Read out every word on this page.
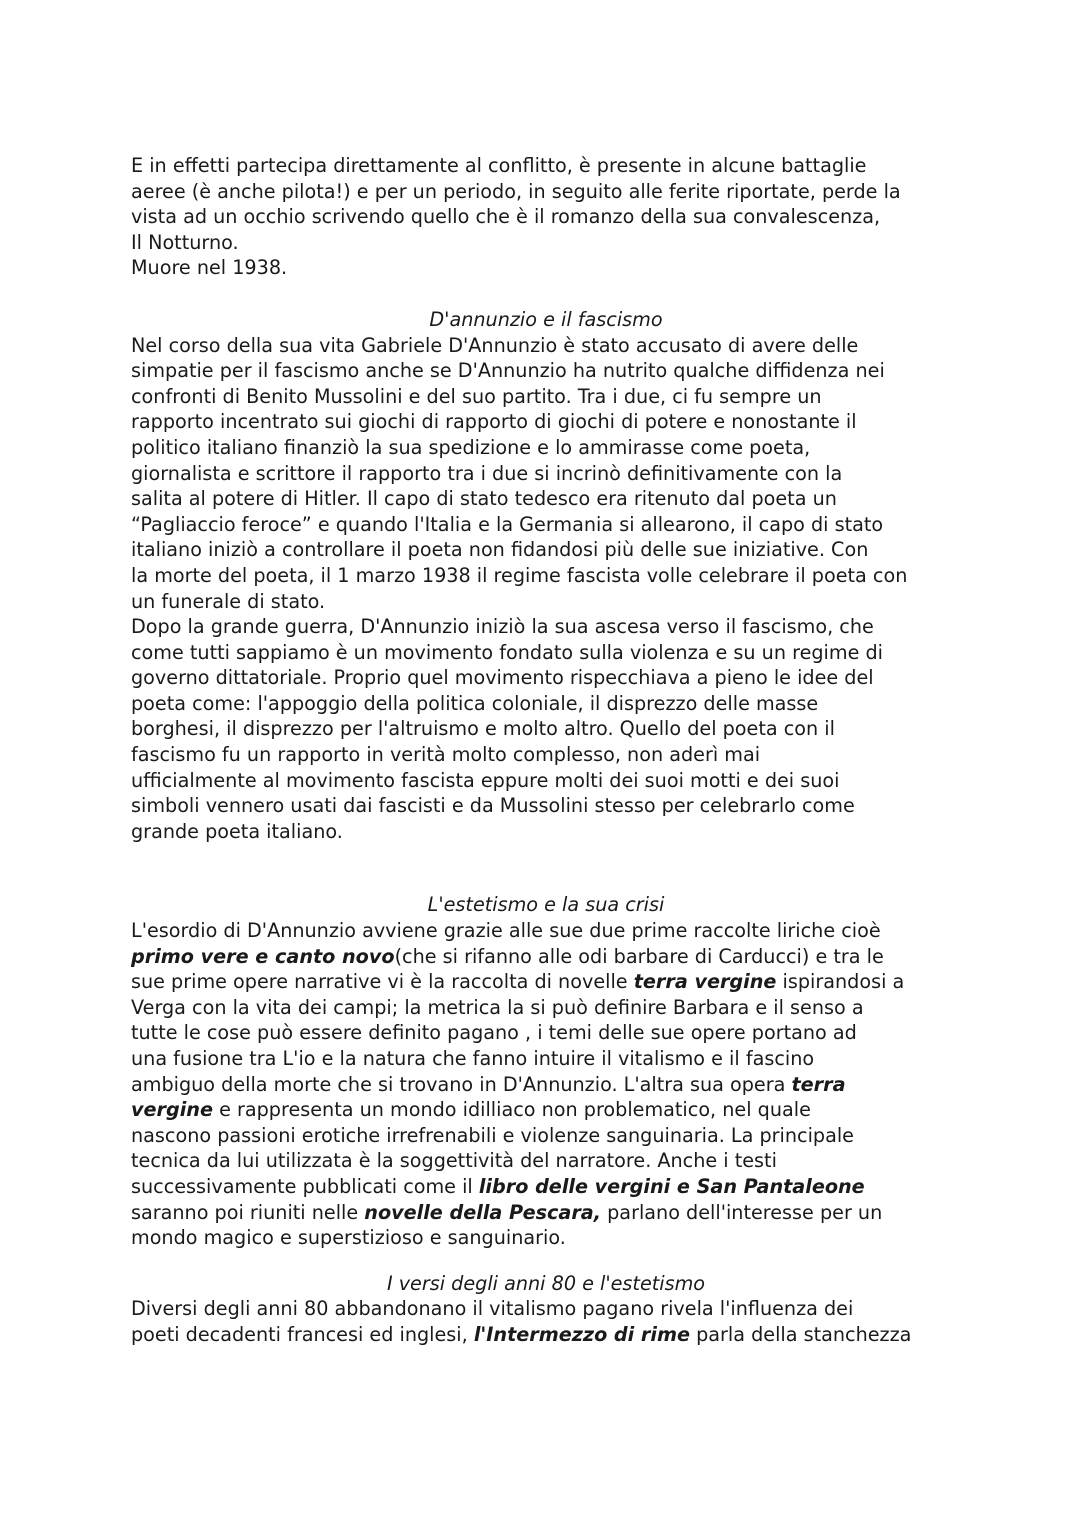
E in effetti partecipa direttamente al conflitto, è presente in alcune battaglie
aeree (è anche pilota!) e per un periodo, in seguito alle ferite riportate, perde la
vista ad un occhio scrivendo quello che è il romanzo della sua convalescenza,
Il Notturno.
Muore nel 1938.
D'annunzio e il fascismo
Nel corso della sua vita Gabriele D'Annunzio è stato accusato di avere delle
simpatie per il fascismo anche se D'Annunzio ha nutrito qualche diffidenza nei
confronti di Benito Mussolini e del suo partito. Tra i due, ci fu sempre un
rapporto incentrato sui giochi di rapporto di giochi di potere e nonostante il
politico italiano finanziò la sua spedizione e lo ammirasse come poeta,
giornalista e scrittore il rapporto tra i due si incrinò definitivamente con la
salita al potere di Hitler. Il capo di stato tedesco era ritenuto dal poeta un
“Pagliaccio feroce” e quando l'Italia e la Germania si allearono, il capo di stato
italiano iniziò a controllare il poeta non fidandosi più delle sue iniziative. Con
la morte del poeta, il 1 marzo 1938 il regime fascista volle celebrare il poeta con
un funerale di stato.
Dopo la grande guerra, D'Annunzio iniziò la sua ascesa verso il fascismo, che
come tutti sappiamo è un movimento fondato sulla violenza e su un regime di
governo dittatoriale. Proprio quel movimento rispecchiava a pieno le idee del
poeta come: l'appoggio della politica coloniale, il disprezzo delle masse
borghesi, il disprezzo per l'altruismo e molto altro. Quello del poeta con il
fascismo fu un rapporto in verità molto complesso, non aderì mai
ufficialmente al movimento fascista eppure molti dei suoi motti e dei suoi
simboli vennero usati dai fascisti e da Mussolini stesso per celebrarlo come
grande poeta italiano.
L'estetismo e la sua crisi
L'esordio di D'Annunzio avviene grazie alle sue due prime raccolte liriche cioè
primo vere e canto novo(che si rifanno alle odi barbare di Carducci) e tra le
sue prime opere narrative vi è la raccolta di novelle terra vergine ispirandosi a
Verga con la vita dei campi; la metrica la si può definire Barbara e il senso a
tutte le cose può essere definito pagano , i temi delle sue opere portano ad
una fusione tra L'io e la natura che fanno intuire il vitalismo e il fascino
ambiguo della morte che si trovano in D'Annunzio. L'altra sua opera terra
vergine e rappresenta un mondo idilliaco non problematico, nel quale
nascono passioni erotiche irrefrenabili e violenze sanguinaria. La principale
tecnica da lui utilizzata è la soggettività del narratore. Anche i testi
successivamente pubblicati come il libro delle vergini e San Pantaleone
saranno poi riuniti nelle novelle della Pescara, parlano dell'interesse per un
mondo magico e superstizioso e sanguinario.
I versi degli anni 80 e l'estetismo
Diversi degli anni 80 abbandonano il vitalismo pagano rivela l'influenza dei
poeti decadenti francesi ed inglesi, l'Intermezzo di rime parla della stanchezza
